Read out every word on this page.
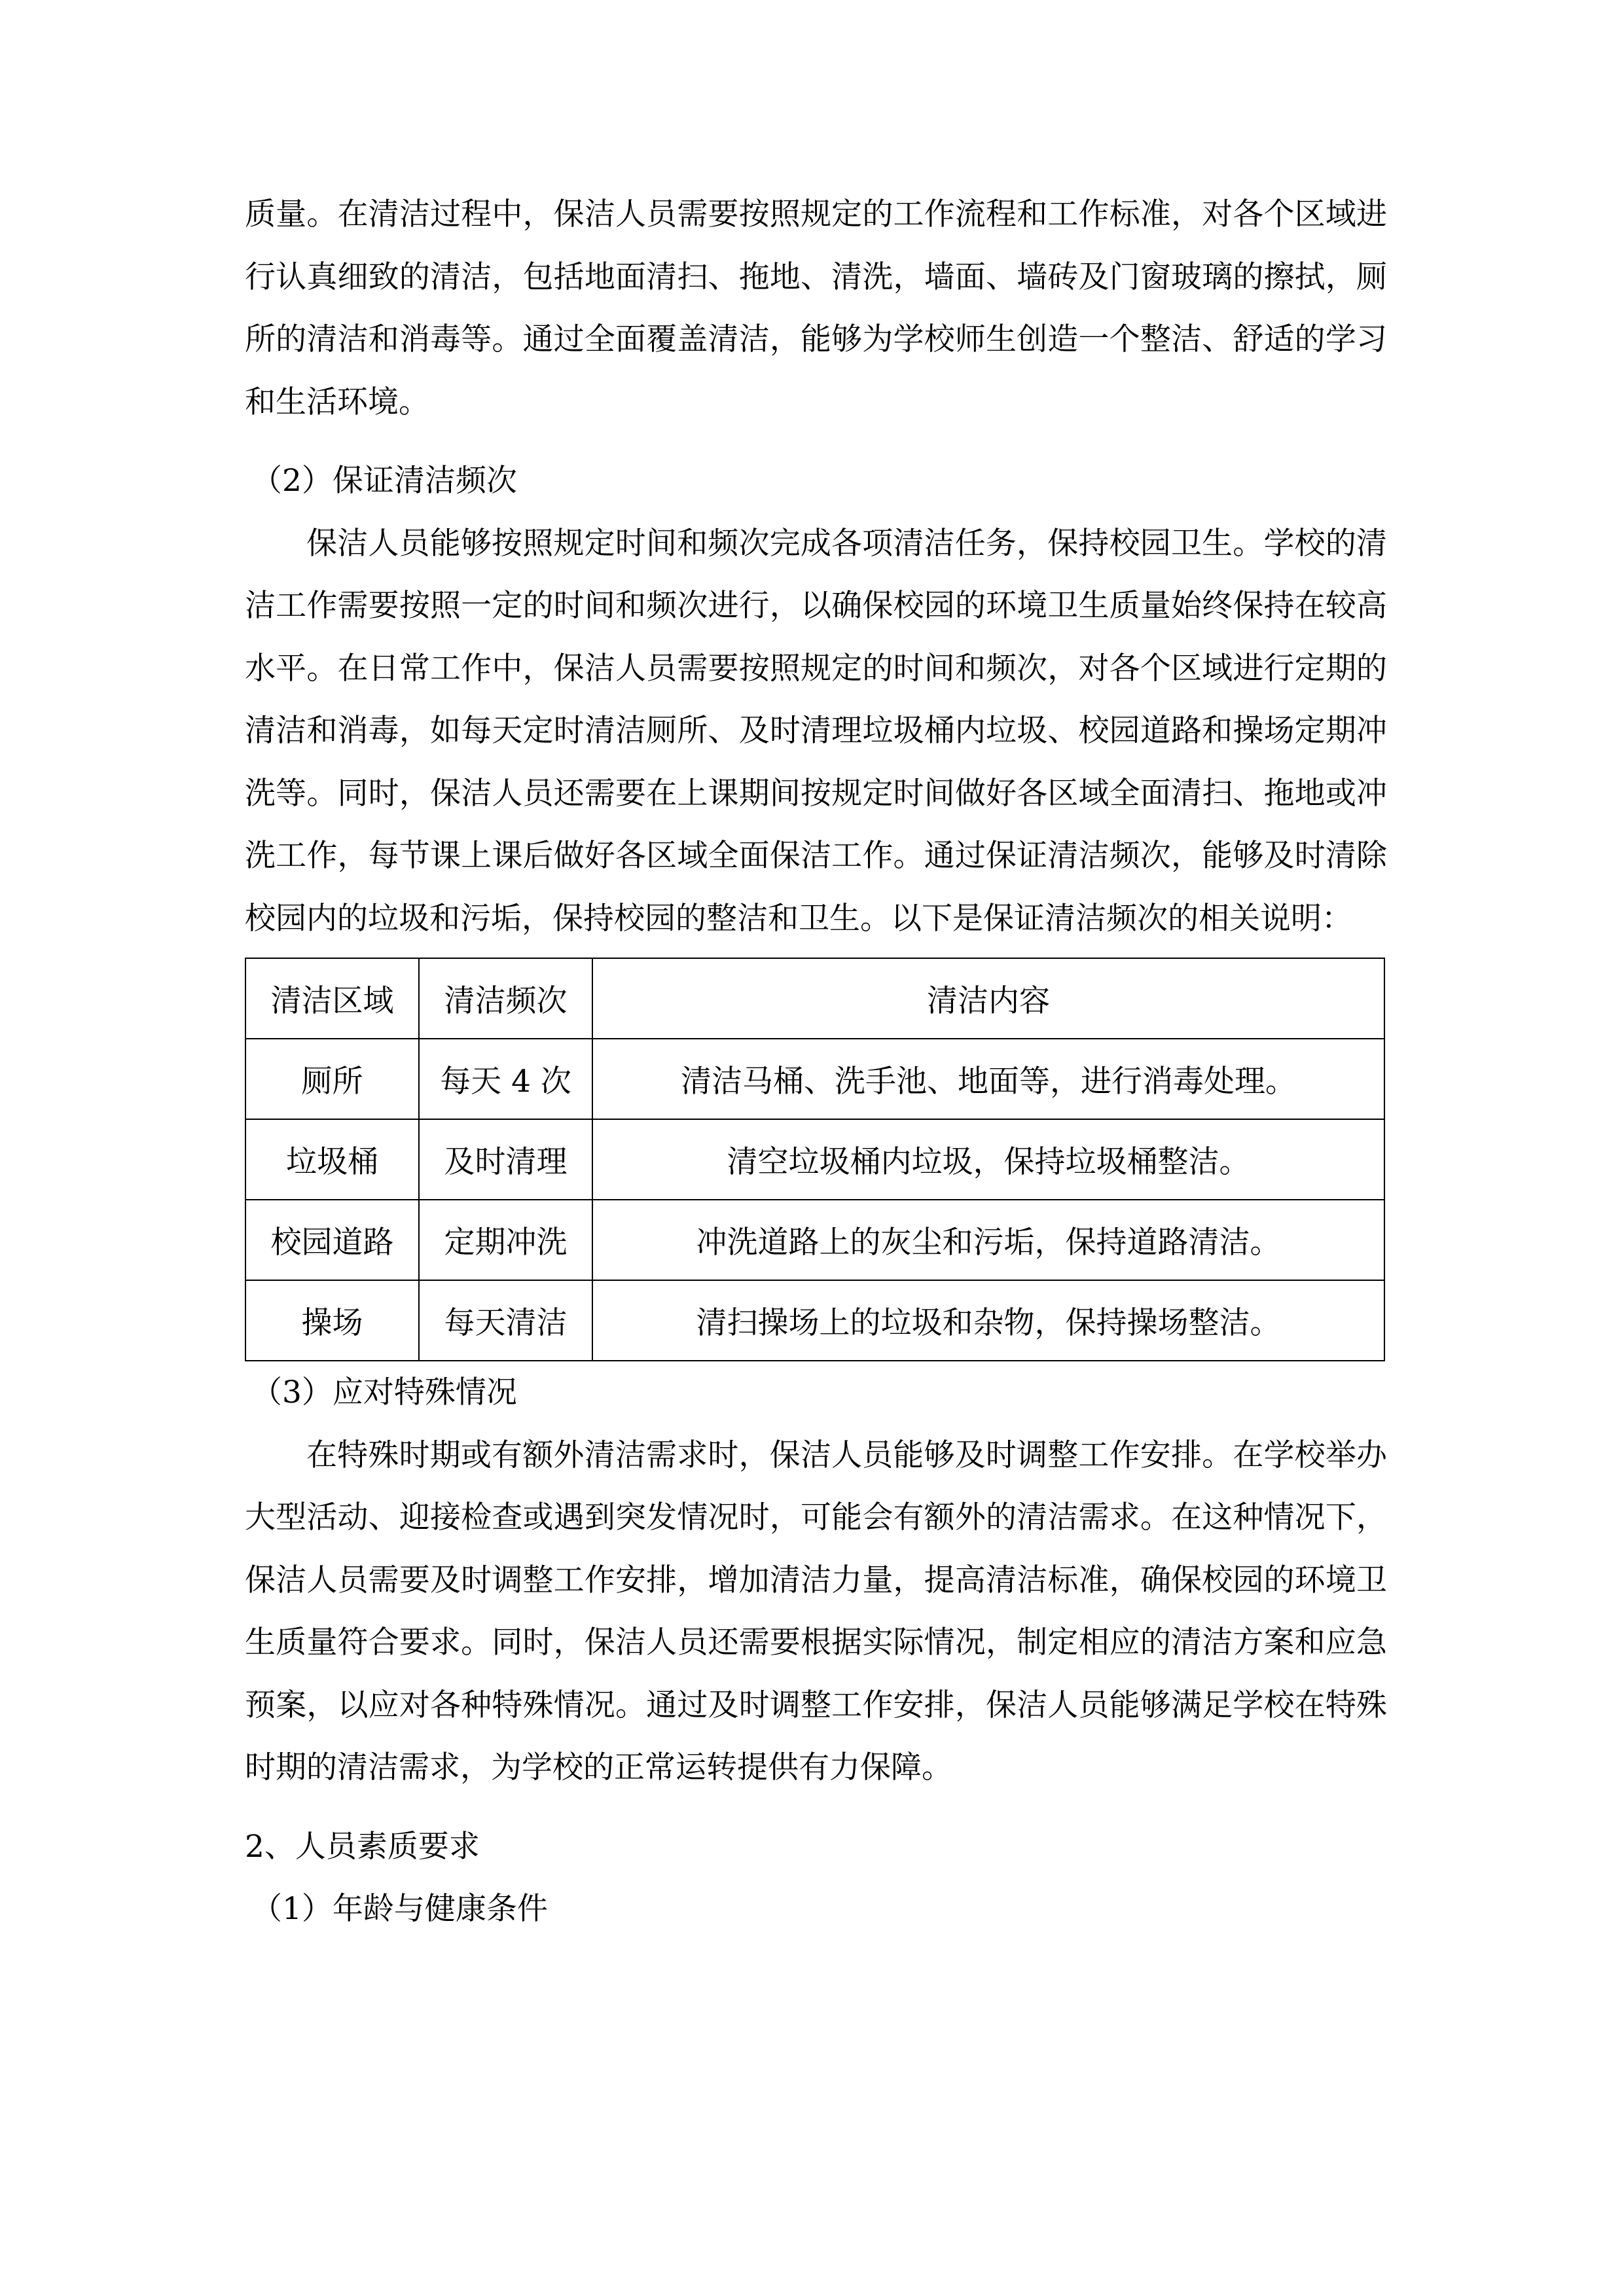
质量。在清洁过程中，保洁人员需要按照规定的工作流程和工作标准，对各个区域进行认真细致的清洁，包括地面清扫、拖地、清洗，墙面、墙砖及门窗玻璃的擦拭，厕所的清洁和消毒等。通过全面覆盖清洁，能够为学校师生创造一个整洁、舒适的学习和生活环境。

（2）保证清洁频次

保洁人员能够按照规定时间和频次完成各项清洁任务，保持校园卫生。学校的清洁工作需要按照一定的时间和频次进行，以确保校园的环境卫生质量始终保持在较高水平。在日常工作中，保洁人员需要按照规定的时间和频次，对各个区域进行定期的清洁和消毒，如每天定时清洁厕所、及时清理垃圾桶内垃圾、校园道路和操场定期冲洗等。同时，保洁人员还需要在上课期间按规定时间做好各区域全面清扫、拖地或冲洗工作，每节课上课后做好各区域全面保洁工作。通过保证清洁频次，能够及时清除校园内的垃圾和污垢，保持校园的整洁和卫生。以下是保证清洁频次的相关说明：

清洁区域	清洁频次	清洁内容
厕所	每天 4 次	清洁马桶、洗手池、地面等，进行消毒处理。
垃圾桶	及时清理	清空垃圾桶内垃圾，保持垃圾桶整洁。
校园道路	定期冲洗	冲洗道路上的灰尘和污垢，保持道路清洁。
操场	每天清洁	清扫操场上的垃圾和杂物，保持操场整洁。

（3）应对特殊情况

在特殊时期或有额外清洁需求时，保洁人员能够及时调整工作安排。在学校举办大型活动、迎接检查或遇到突发情况时，可能会有额外的清洁需求。在这种情况下，保洁人员需要及时调整工作安排，增加清洁力量，提高清洁标准，确保校园的环境卫生质量符合要求。同时，保洁人员还需要根据实际情况，制定相应的清洁方案和应急预案，以应对各种特殊情况。通过及时调整工作安排，保洁人员能够满足学校在特殊时期的清洁需求，为学校的正常运转提供有力保障。

2、人员素质要求

（1）年龄与健康条件
